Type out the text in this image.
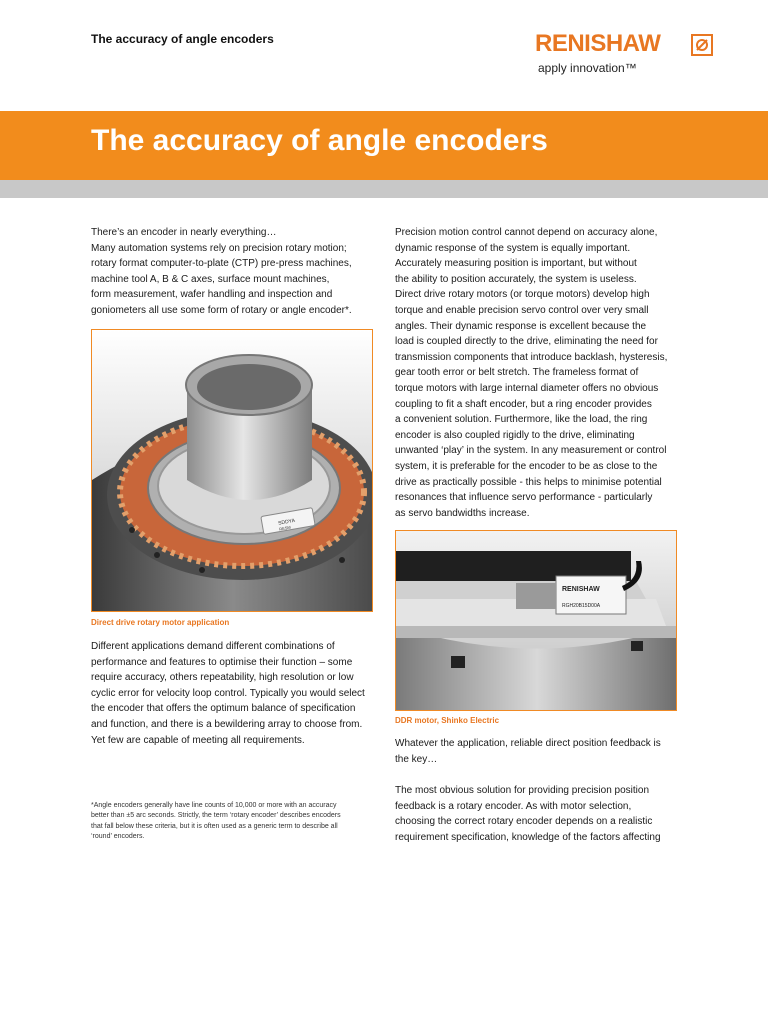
The accuracy of angle encoders	RENISHAW
apply innovation™
The accuracy of angle encoders

There’s an encoder in nearly everything…

Many automation systems rely on precision rotary motion;

rotary format computer-to-plate (CTP) pre-press machines,

machine tool A, B & C axes, surface mount machines,

form measurement, wafer handling and inspection and

goniometers all use some form of rotary or angle encoder*.

SDDYA
RESM
Direct drive rotary motor application

Different applications demand different combinations of

performance and features to optimise their function – some

require accuracy, others repeatability, high resolution or low

cyclic error for velocity loop control. Typically you would select

the encoder that offers the optimum balance of specification

and function, and there is a bewildering array to choose from.

Yet few are capable of meeting all requirements.

*Angle encoders generally have line counts of 10,000 or more with an accuracy

better than ±5 arc seconds. Strictly, the term ‘rotary encoder’ describes encoders

that fall below these criteria, but it is often used as a generic term to describe all

‘round’ encoders.

Precision motion control cannot depend on accuracy alone,

dynamic response of the system is equally important.

Accurately measuring position is important, but without

the ability to position accurately, the system is useless.

Direct drive rotary motors (or torque motors) develop high

torque and enable precision servo control over very small

angles. Their dynamic response is excellent because the

load is coupled directly to the drive, eliminating the need for

transmission components that introduce backlash, hysteresis,

gear tooth error or belt stretch. The frameless format of

torque motors with large internal diameter offers no obvious

coupling to fit a shaft encoder, but a ring encoder provides

a convenient solution. Furthermore, like the load, the ring

encoder is also coupled rigidly to the drive, eliminating

unwanted ‘play’ in the system. In any measurement or control

system, it is preferable for the encoder to be as close to the

drive as practically possible - this helps to minimise potential

resonances that influence servo performance - particularly

as servo bandwidths increase.

RENISHAW
RGH20B15D00A
DDR motor, Shinko Electric

Whatever the application, reliable direct position feedback is

the key…

The most obvious solution for providing precision position

feedback is a rotary encoder. As with motor selection,

choosing the correct rotary encoder depends on a realistic

requirement specification, knowledge of the factors affecting
